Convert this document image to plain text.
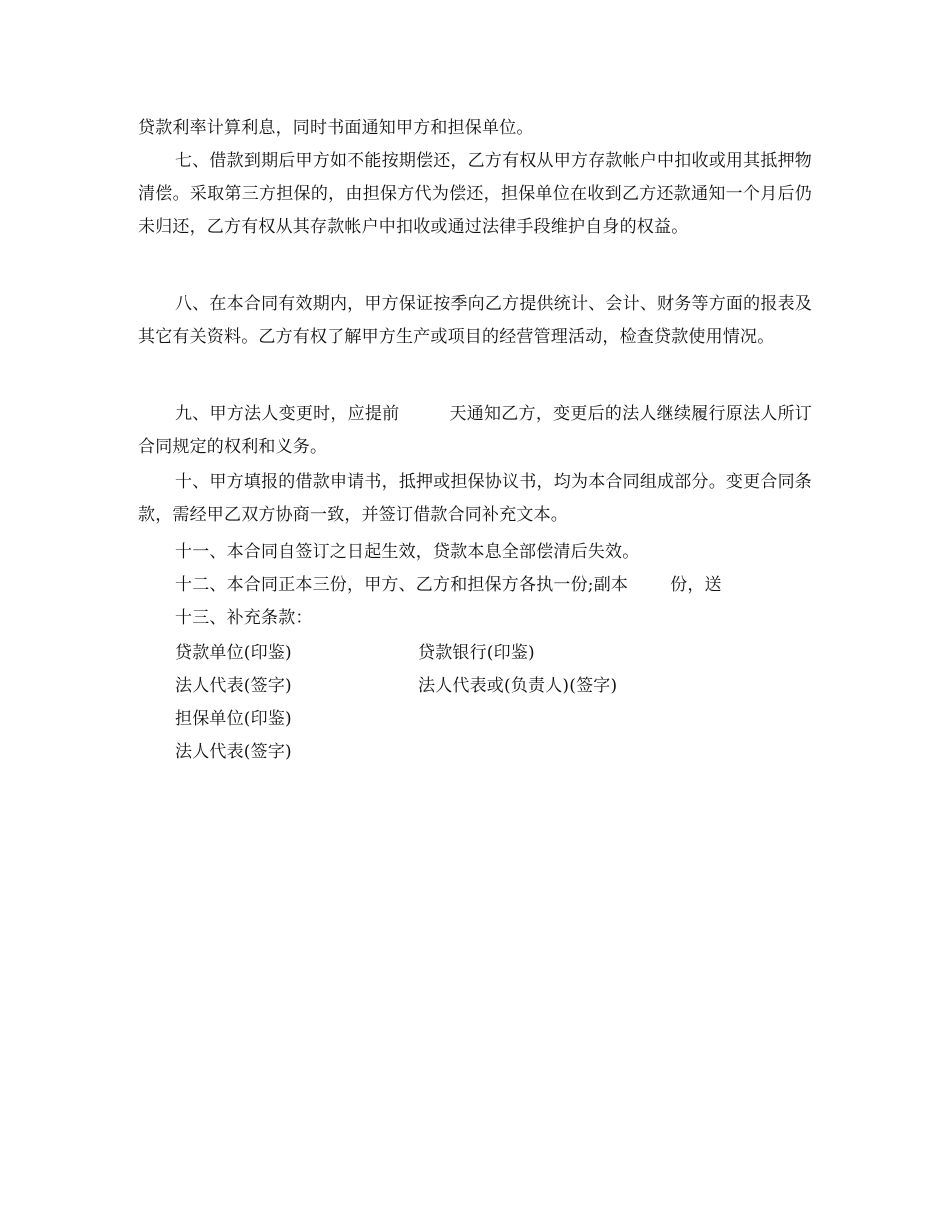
贷款利率计算利息，同时书面通知甲方和担保单位。

七、借款到期后甲方如不能按期偿还，乙方有权从甲方存款帐户中扣收或用其抵押物清偿。采取第三方担保的，由担保方代为偿还，担保单位在收到乙方还款通知一个月后仍未归还，乙方有权从其存款帐户中扣收或通过法律手段维护自身的权益。

八、在本合同有效期内，甲方保证按季向乙方提供统计、会计、财务等方面的报表及其它有关资料。乙方有权了解甲方生产或项目的经营管理活动，检查贷款使用情况。

九、甲方法人变更时，应提前	天通知乙方，变更后的法人继续履行原法人所订合同规定的权利和义务。

十、甲方填报的借款申请书，抵押或担保协议书，均为本合同组成部分。变更合同条款，需经甲乙双方协商一致，并签订借款合同补充文本。

十一、本合同自签订之日起生效，贷款本息全部偿清后失效。

十二、本合同正本三份，甲方、乙方和担保方各执一份;副本 份，送

十三、补充条款：

贷款单位(印鉴)	贷款银行(印鉴)

法人代表(签字)	法人代表或(负责人)(签字)

担保单位(印鉴)

法人代表(签字)
